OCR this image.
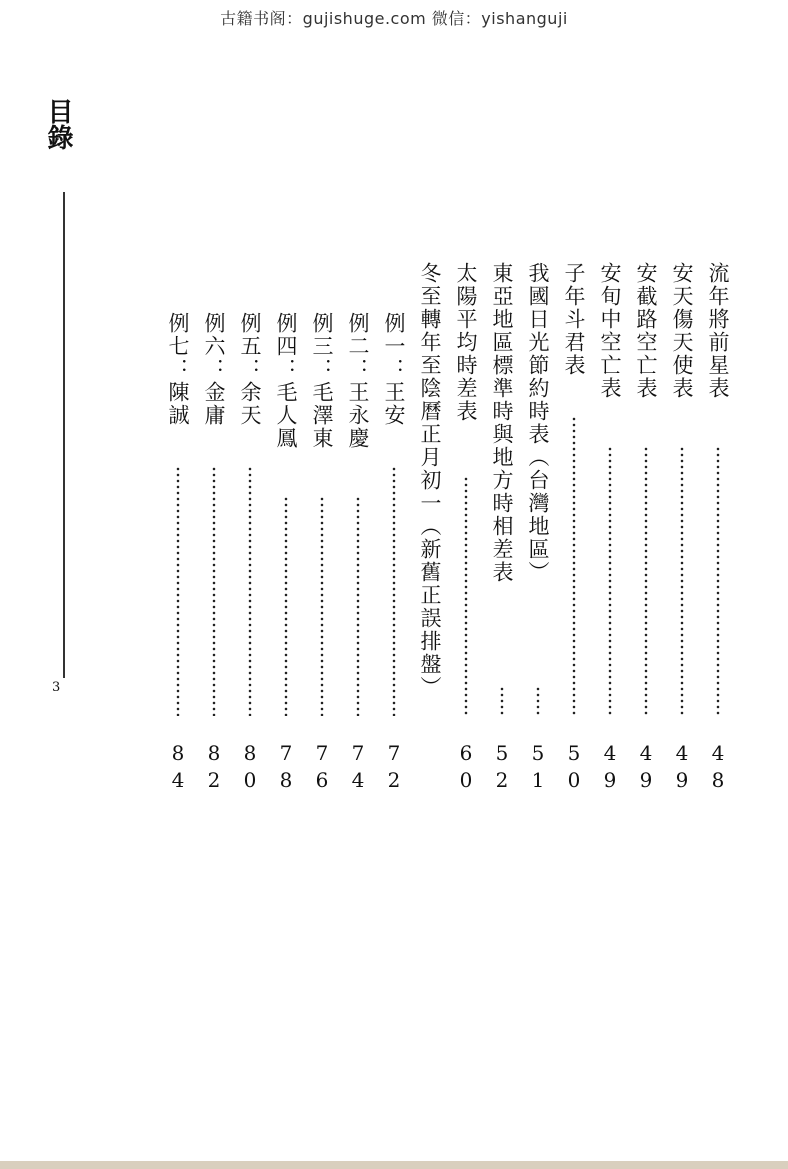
古籍书阁：gujishuge.com 微信：yishanguji
目錄
3
流年將前星表
48
安天傷天使表
49
安截路空亡表
49
安旬中空亡表
49
子年斗君表
50
我國日光節約時表（台灣地區）
51
東亞地區標準時與地方時相差表
52
太陽平均時差表
60
冬至轉年至陰曆正月初一（新舊正誤排盤）
例一：王安
72
例二：王永慶
74
例三：毛澤東
76
例四：毛人鳳
78
例五：余天
80
例六：金庸
82
例七：陳誠
84
